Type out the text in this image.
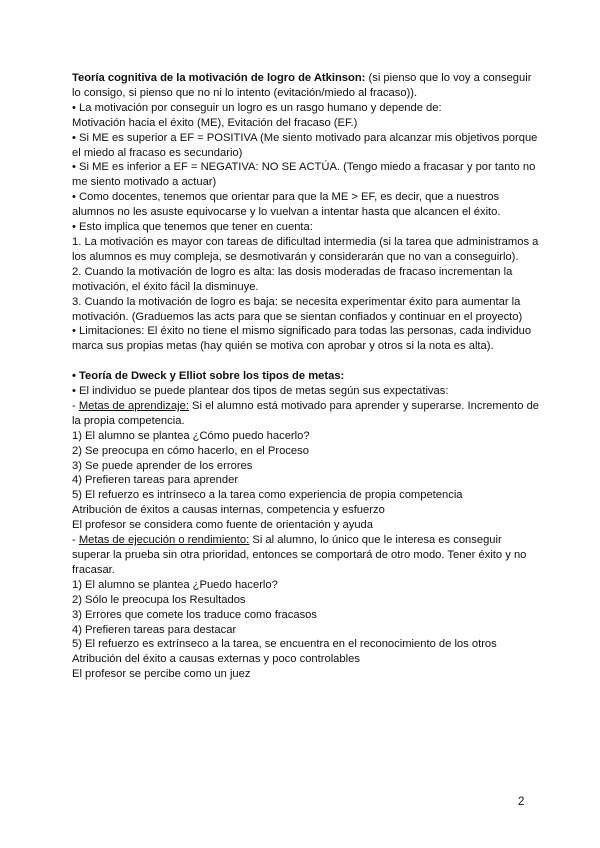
Teoría cognitiva de la motivación de logro de Atkinson: (si pienso que lo voy a conseguir lo consigo, si pienso que no ni lo intento (evitación/miedo al fracaso)).

• La motivación por conseguir un logro es un rasgo humano y depende de:

Motivación hacia el éxito (ME), Evitación del fracaso (EF.)

• Si ME es superior a EF = POSITIVA (Me siento motivado para alcanzar mis objetivos porque el miedo al fracaso es secundario)

• Si ME es inferior a EF = NEGATIVA: NO SE ACTÚA. (Tengo miedo a fracasar y por tanto no me siento motivado a actuar)

• Como docentes, tenemos que orientar para que la ME > EF, es decir, que a nuestros alumnos no les asuste equivocarse y lo vuelvan a intentar hasta que alcancen el éxito.

• Esto implica que tenemos que tener en cuenta:

1. La motivación es mayor con tareas de dificultad intermedia (si la tarea que administramos a los alumnos es muy compleja, se desmotivarán y considerarán que no van a conseguirlo).

2. Cuando la motivación de logro es alta: las dosis moderadas de fracaso incrementan la motivación, el éxito fácil la disminuye.

3. Cuando la motivación de logro es baja: se necesita experimentar éxito para aumentar la motivación. (Graduemos las acts para que se sientan confiados y continuar en el proyecto)

• Limitaciones: El éxito no tiene el mismo significado para todas las personas, cada individuo marca sus propias metas (hay quién se motiva con aprobar y otros si la nota es alta).

• Teoría de Dweck y Elliot sobre los tipos de metas:

• El individuo se puede plantear dos tipos de metas según sus expectativas:

- Metas de aprendizaje: Si el alumno está motivado para aprender y superarse. Incremento de la propia competencia.

1) El alumno se plantea ¿Cómo puedo hacerlo?

2) Se preocupa en cómo hacerlo, en el Proceso

3) Se puede aprender de los errores

4) Prefieren tareas para aprender

5) El refuerzo es intrínseco a la tarea como experiencia de propia competencia

Atribución de éxitos a causas internas, competencia y esfuerzo

El profesor se considera como fuente de orientación y ayuda

- Metas de ejecución o rendimiento: Si al alumno, lo único que le interesa es conseguir superar la prueba sin otra prioridad, entonces se comportará de otro modo. Tener éxito y no fracasar.

1) El alumno se plantea ¿Puedo hacerlo?

2) Sólo le preocupa los Resultados

3) Errores que comete los traduce como fracasos

4) Prefieren tareas para destacar

5) El refuerzo es extrínseco a la tarea, se encuentra en el reconocimiento de los otros

Atribución del éxito a causas externas y poco controlables

El profesor se percibe como un juez

2
